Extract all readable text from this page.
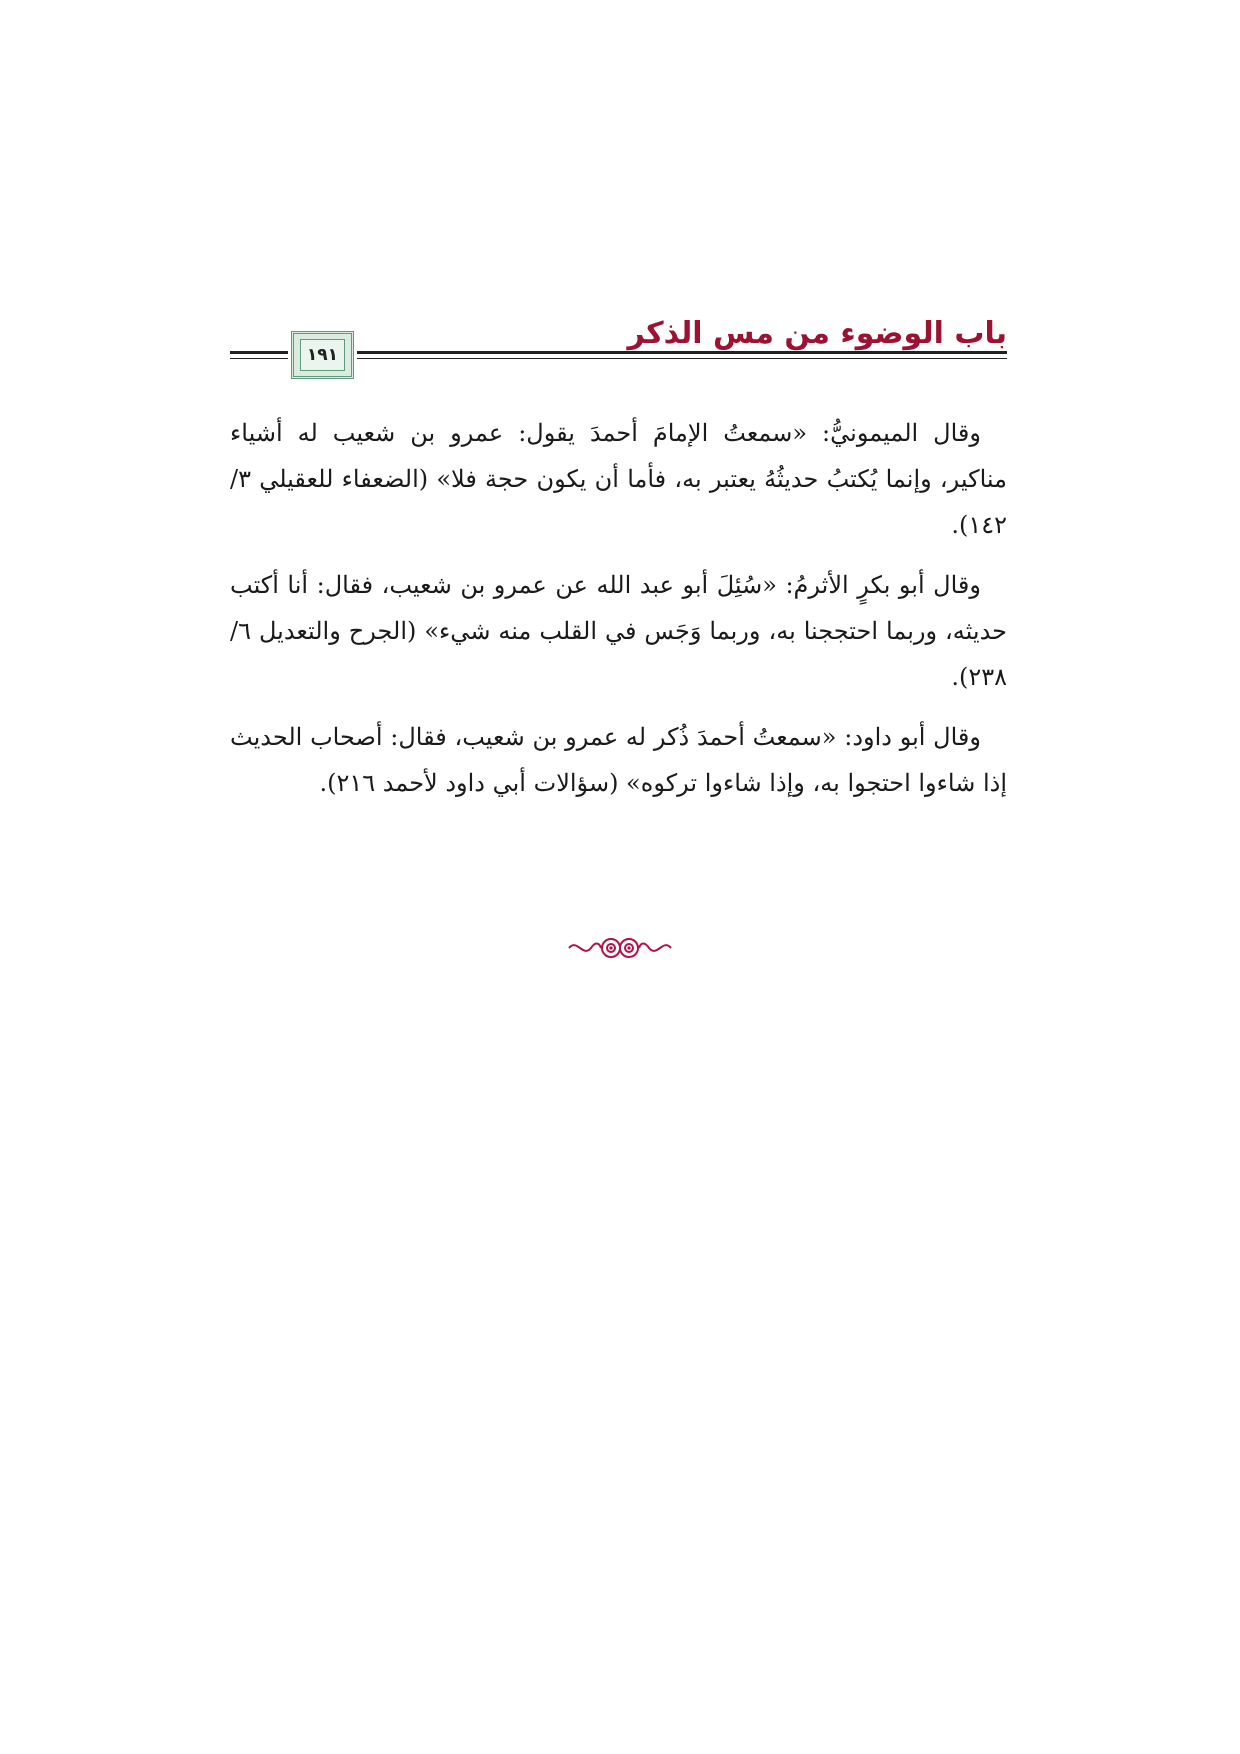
١٩١
باب الوضوء من مس الذكر

وقال الميمونيُّ: «سمعتُ الإمامَ أحمدَ يقول: عمرو بن شعيب له أشياء مناكير، وإنما يُكتبُ حديثُهُ يعتبر به، فأما أن يكون حجة فلا» (الضعفاء للعقيلي ٣/ ١٤٢).

وقال أبو بكرٍ الأثرمُ: «سُئِلَ أبو عبد الله عن عمرو بن شعيب، فقال: أنا أكتب حديثه، وربما احتججنا به، وربما وَجَس في القلب منه شيء» (الجرح والتعديل ٦/ ٢٣٨).

وقال أبو داود: «سمعتُ أحمدَ ذُكر له عمرو بن شعيب، فقال: أصحاب الحديث إذا شاءوا احتجوا به، وإذا شاءوا تركوه» (سؤالات أبي داود لأحمد ٢١٦).
